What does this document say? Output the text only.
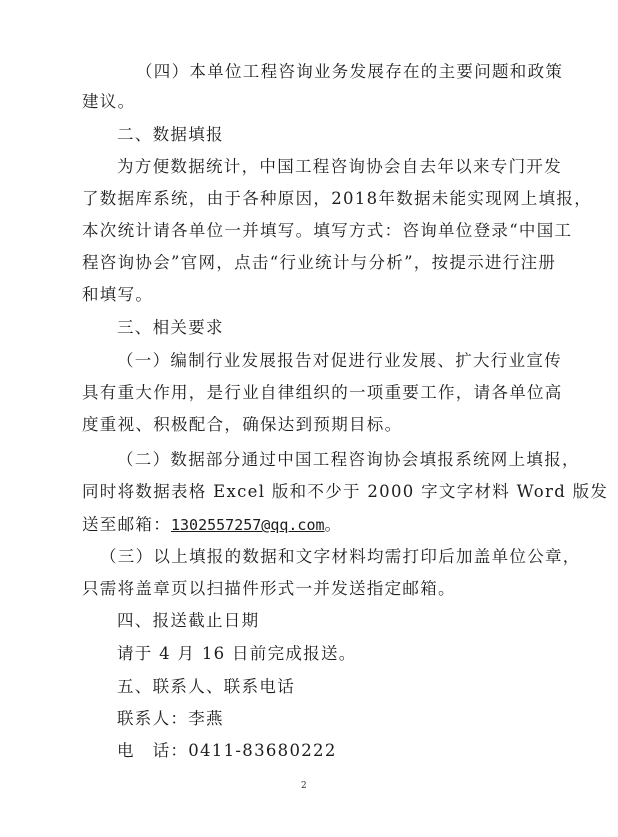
（四）本单位工程咨询业务发展存在的主要问题和政策
建议。
二、数据填报
为方便数据统计，中国工程咨询协会自去年以来专门开发
了数据库系统，由于各种原因，2018年数据未能实现网上填报，
本次统计请各单位一并填写。填写方式：咨询单位登录“中国工
程咨询协会”官网，点击“行业统计与分析”，按提示进行注册
和填写。
三、相关要求
（一）编制行业发展报告对促进行业发展、扩大行业宣传
具有重大作用，是行业自律组织的一项重要工作，请各单位高
度重视、积极配合，确保达到预期目标。
（二）数据部分通过中国工程咨询协会填报系统网上填报，
同时将数据表格 Excel 版和不少于 2000 字文字材料 Word 版发
送至邮箱：1302557257@qq.com。
（三）以上填报的数据和文字材料均需打印后加盖单位公章，
只需将盖章页以扫描件形式一并发送指定邮箱。
四、报送截止日期
请于 4 月 16 日前完成报送。
五、联系人、联系电话
联系人：李燕
电　话：0411-83680222
2
